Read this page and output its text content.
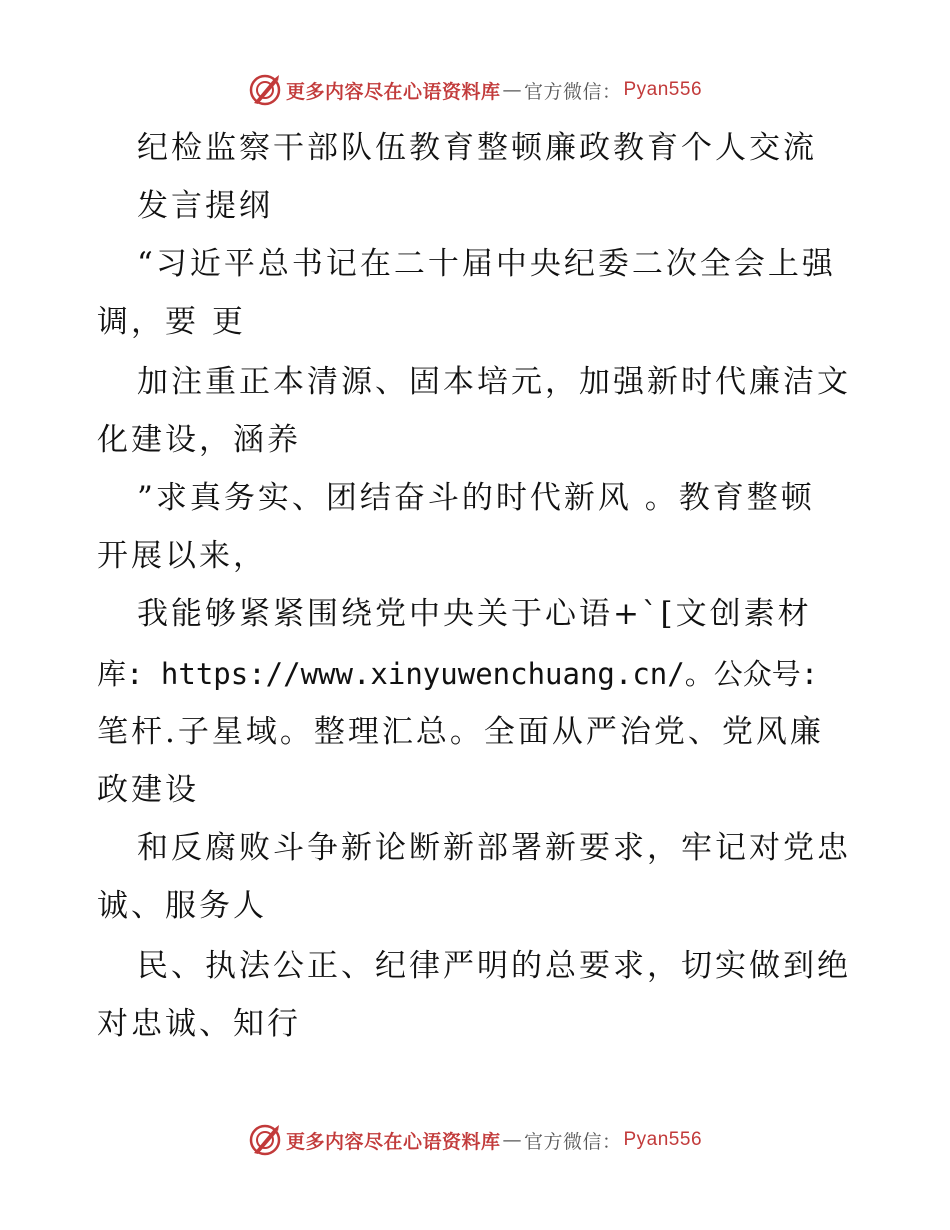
更多内容尽在心语资料库 — 官方微信： Pyan556
纪检监察干部队伍教育整顿廉政教育个人交流
发言提纲
“习近平总书记在二十届中央纪委二次全会上强
调，要 更
加注重正本清源、固本培元，加强新时代廉洁文
化建设，涵养
”求真务实、团结奋斗的时代新风 。教育整顿
开展以来，
我能够紧紧围绕党中央关于心语+`[文创素材
库: https://www.xinyuwenchuang.cn/。公众号:
笔杆.子星域。整理汇总。全面从严治党、党风廉
政建设
和反腐败斗争新论断新部署新要求，牢记对党忠
诚、服务人
民、执法公正、纪律严明的总要求，切实做到绝
对忠诚、知行
更多内容尽在心语资料库 — 官方微信： Pyan556
